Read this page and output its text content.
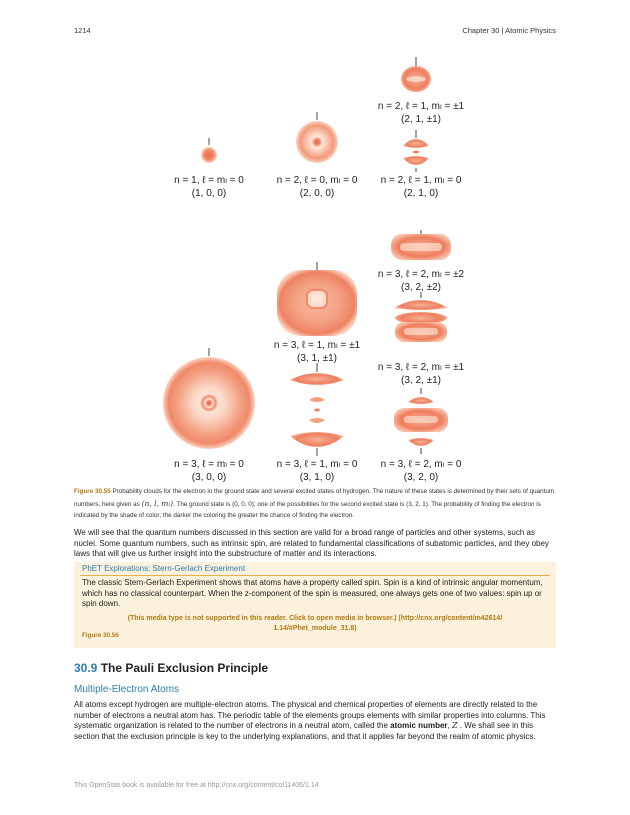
1214	Chapter 30 | Atomic Physics
n = 2, ℓ = 1, mₗ = ±1
(2, 1, ±1)
n = 1, ℓ = mₗ = 0
(1, 0, 0)
n = 2, ℓ = 0, mₗ = 0
(2, 0, 0)
n = 2, ℓ = 1, mₗ = 0
(2, 1, 0)
n = 3, ℓ = 2, mₗ = ±2
(3, 2, ±2)
n = 3, ℓ = 1, mₗ = ±1
(3, 1, ±1)
n = 3, ℓ = 2, mₗ = ±1
(3, 2, ±1)
n = 3, ℓ = mₗ = 0
(3, 0, 0)
n = 3, ℓ = 1, mₗ = 0
(3, 1, 0)
n = 3, ℓ = 2, mₗ = 0
(3, 2, 0)
Figure 30.55 Probability clouds for the electron in the ground state and several excited states of hydrogen. The nature of these states is determined by their sets of quantum numbers, here given as (n, l, mₗ). The ground state is (0, 0, 0); one of the possibilities for the second excited state is (3, 2, 1). The probability of finding the electron is indicated by the shade of color; the darker the coloring the greater the chance of finding the electron.

We will see that the quantum numbers discussed in this section are valid for a broad range of particles and other systems, such as nuclei. Some quantum numbers, such as intrinsic spin, are related to fundamental classifications of subatomic particles, and they obey laws that will give us further insight into the substructure of matter and its interactions.

PhET Explorations: Stern-Gerlach Experiment

The classic Stern-Gerlach Experiment shows that atoms have a property called spin. Spin is a kind of intrinsic angular momentum, which has no classical counterpart. When the z-component of the spin is measured, one always gets one of two values: spin up or spin down.

(This media type is not supported in this reader. Click to open media in browser.) (http://cnx.org/content/m42614/
1.14/#Phet_module_31.8)
Figure 30.56
30.9 The Pauli Exclusion Principle
Multiple-Electron Atoms

All atoms except hydrogen are multiple-electron atoms. The physical and chemical properties of elements are directly related to the number of electrons a neutral atom has. The periodic table of the elements groups elements with similar properties into columns. This systematic organization is related to the number of electrons in a neutral atom, called the atomic number, Z . We shall see in this section that the exclusion principle is key to the underlying explanations, and that it applies far beyond the realm of atomic physics.

This OpenStax book is available for free at http://cnx.org/content/col11406/1.14
